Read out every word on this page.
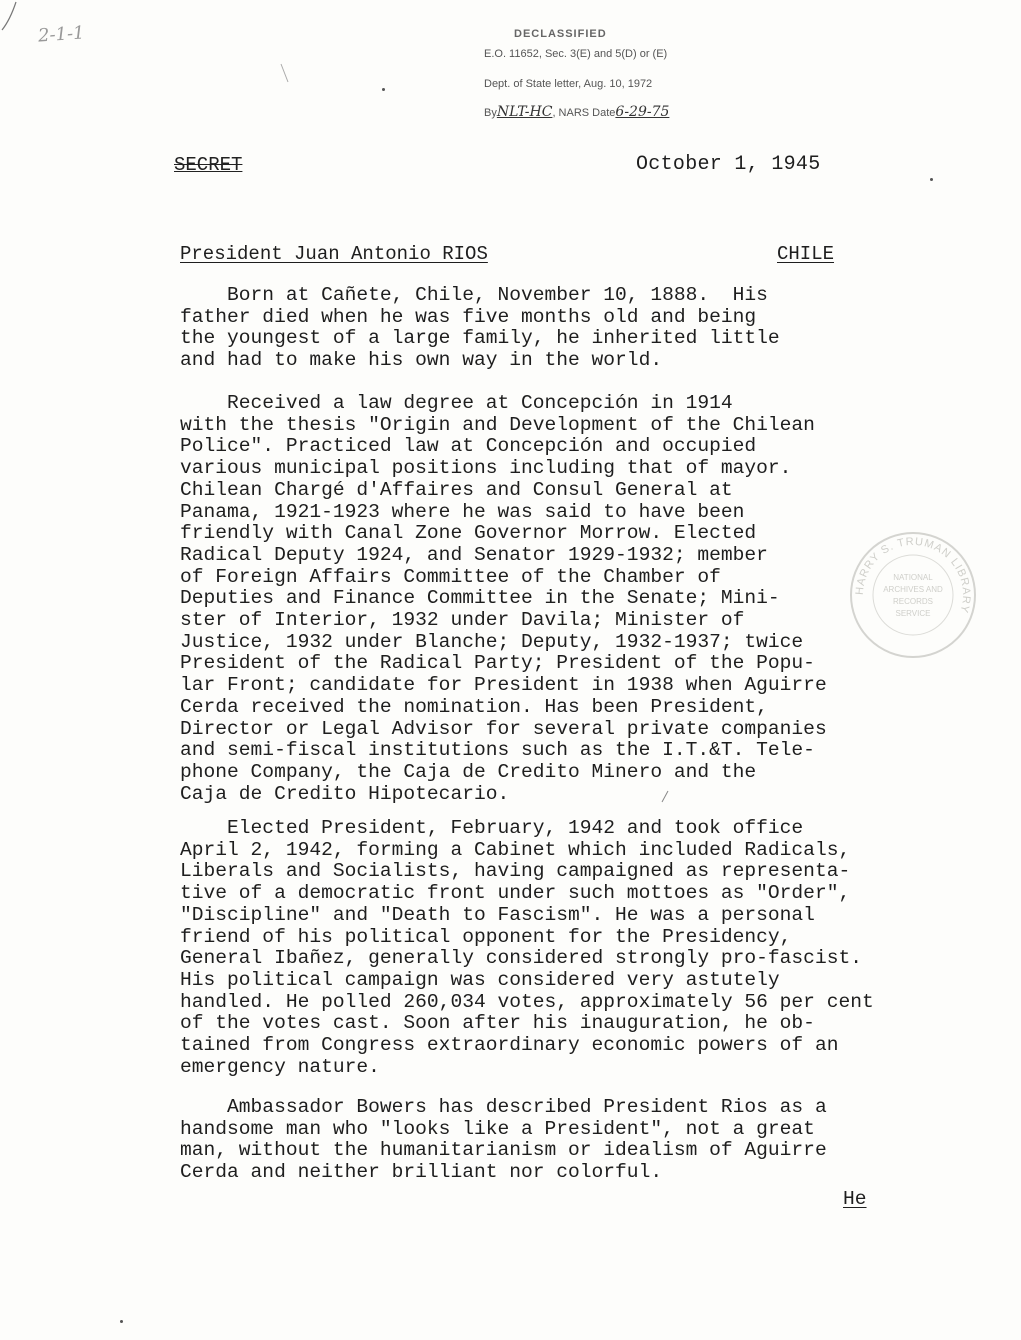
2-1-1	DECLASSIFIED
E.O. 11652, Sec. 3(E) and 5(D) or (E)
Dept. of State letter, Aug. 10, 1972
ByNLT-HC, NARS Date6-29-75
SECRET	October 1, 1945
President Juan Antonio RIOS	CHILE
Born at Cañete, Chile, November 10, 1888.  His
father died when he was five months old and being
the youngest of a large family, he inherited little
and had to make his own way in the world.
Received a law degree at Concepción in 1914
with the thesis "Origin and Development of the Chilean
Police". Practiced law at Concepción and occupied
various municipal positions including that of mayor.
Chilean Chargé d'Affaires and Consul General at
Panama, 1921-1923 where he was said to have been
friendly with Canal Zone Governor Morrow. Elected
Radical Deputy 1924, and Senator 1929-1932; member
of Foreign Affairs Committee of the Chamber of
Deputies and Finance Committee in the Senate; Mini-
ster of Interior, 1932 under Davila; Minister of
Justice, 1932 under Blanche; Deputy, 1932-1937; twice
President of the Radical Party; President of the Popu-
lar Front; candidate for President in 1938 when Aguirre
Cerda received the nomination. Has been President,
Director or Legal Advisor for several private companies
and semi-fiscal institutions such as the I.T.&T. Tele-
phone Company, the Caja de Credito Minero and the
Caja de Credito Hipotecario.
Elected President, February, 1942 and took office
April 2, 1942, forming a Cabinet which included Radicals,
Liberals and Socialists, having campaigned as representa-
tive of a democratic front under such mottoes as "Order",
"Discipline" and "Death to Fascism". He was a personal
friend of his political opponent for the Presidency,
General Ibañez, generally considered strongly pro-fascist.
His political campaign was considered very astutely
handled. He polled 260,034 votes, approximately 56 per cent
of the votes cast. Soon after his inauguration, he ob-
tained from Congress extraordinary economic powers of an
emergency nature.
Ambassador Bowers has described President Rios as a
handsome man who "looks like a President", not a great
man, without the humanitarianism or idealism of Aguirre
Cerda and neither brilliant nor colorful.
He
HARRY S. TRUMAN LIBRARY
NATIONAL
ARCHIVES AND
RECORDS
SERVICE
